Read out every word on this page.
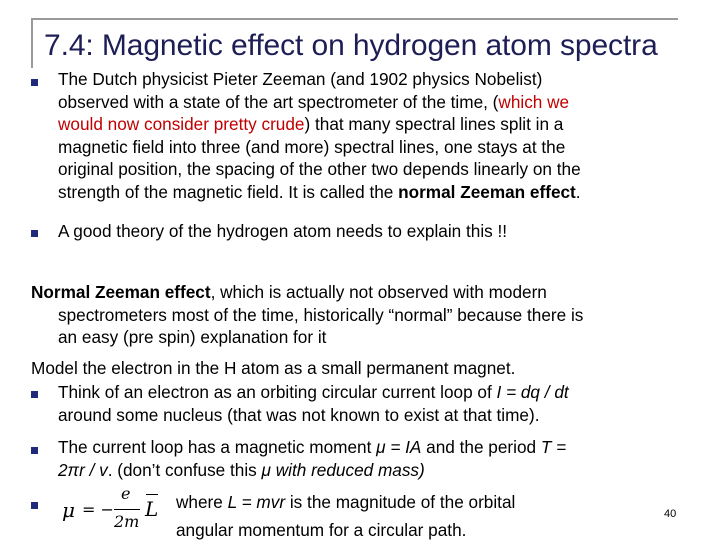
7.4: Magnetic effect on hydrogen atom spectra
The Dutch physicist Pieter Zeeman (and 1902 physics Nobelist)
observed with a state of the art spectrometer of the time, (which we
would now consider pretty crude) that many spectral lines split in a
magnetic field into three (and more) spectral lines, one stays at the
original position, the spacing of the other two depends linearly on the
strength of the magnetic field. It is called the normal Zeeman effect.
A good theory of the hydrogen atom needs to explain this !!
Normal Zeeman effect, which is actually not observed with modern
spectrometers most of the time, historically “normal” because there is
an easy (pre spin) explanation for it
Model the electron in the H atom as a small permanent magnet.
Think of an electron as an orbiting circular current loop of I = dq / dt
around some nucleus (that was not known to exist at that time).
The current loop has a magnetic moment μ = IA and the period T =
2πr / v. (don’t confuse this μ with reduced mass)
μ = −
e
2m
L where L = mvr is the magnitude of the orbital
angular momentum for a circular path.
40
